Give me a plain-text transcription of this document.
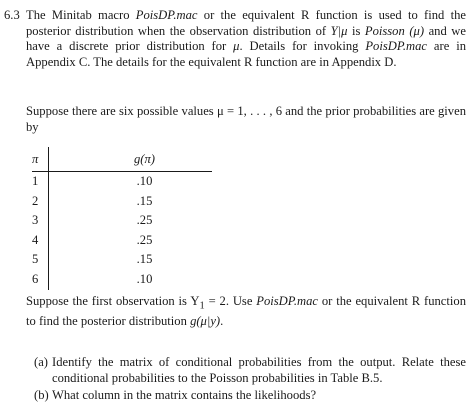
6.3 The Minitab macro PoisDP.mac or the equivalent R function is used to find the posterior distribution when the observation distribution of Y|μ is Poisson (μ) and we have a discrete prior distribution for μ. Details for invoking PoisDP.mac are in Appendix C. The details for the equivalent R function are in Appendix D.
Suppose there are six possible values μ = 1, . . . , 6 and the prior probabilities are given by
π	g(π)
1	.10
2	.15
3	.25
4	.25
5	.15
6	.10
Suppose the first observation is $Y_1 = 2$. Use PoisDP.mac or the equivalent R function to find the posterior distribution g(μ|y).
(a) Identify the matrix of conditional probabilities from the output. Relate these conditional probabilities to the Poisson probabilities in Table B.5.
(b) What column in the matrix contains the likelihoods?
